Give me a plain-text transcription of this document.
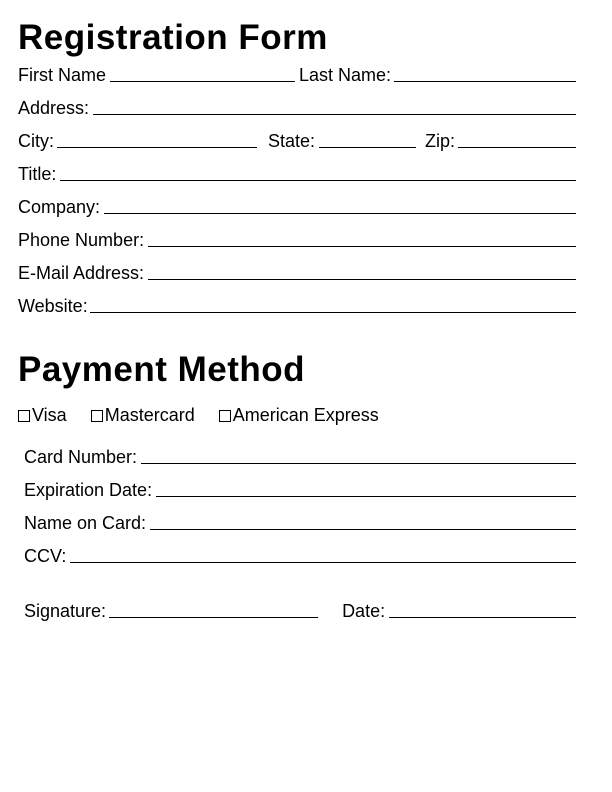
Registration Form
First Name	Last Name:
Address:
City:	State:	Zip:
Title:
Company:
Phone Number:
E-Mail Address:
Website:
Payment Method
Visa Mastercard American Express
Card Number:
Expiration Date:
Name on Card:
CCV:
Signature:	Date:
